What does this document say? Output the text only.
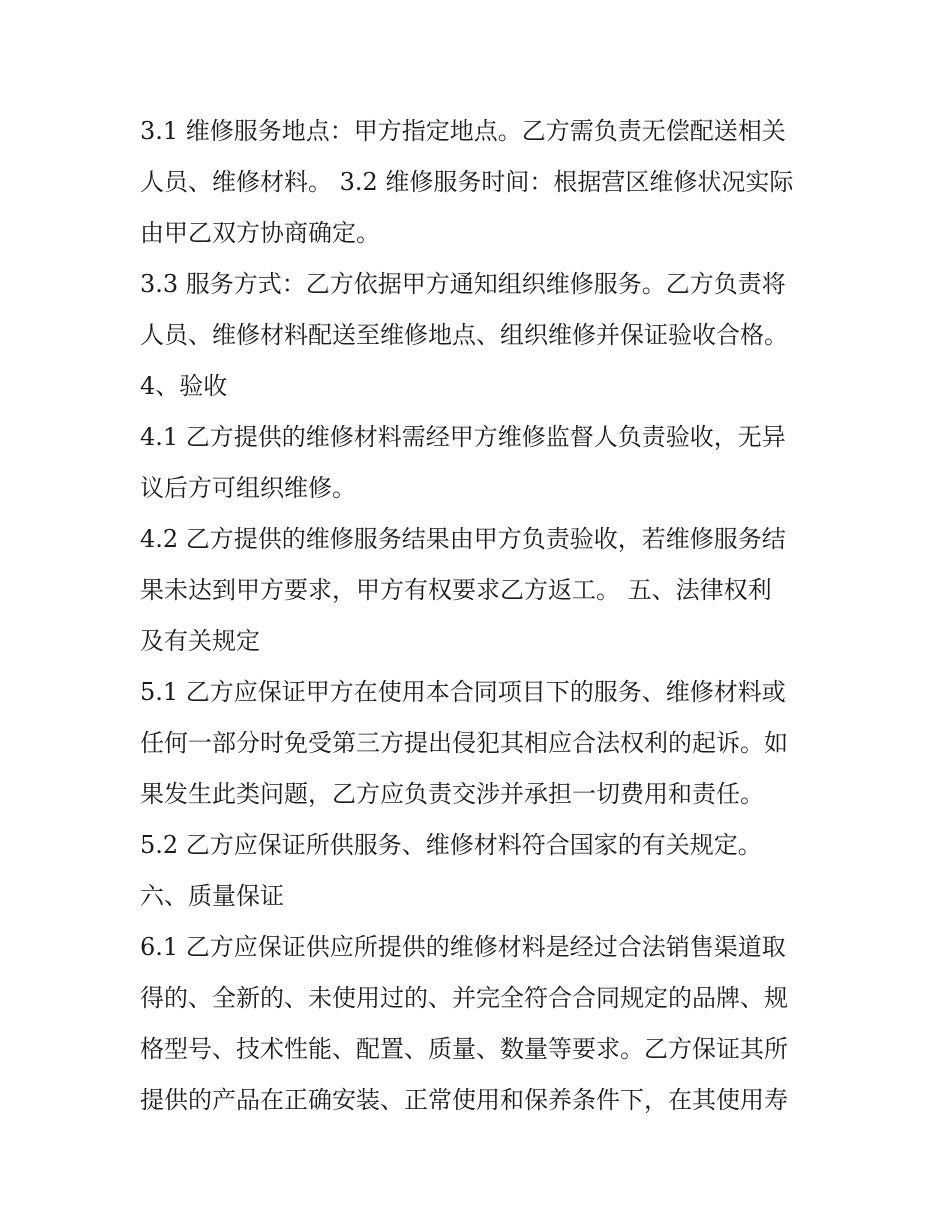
3.1 维修服务地点：甲方指定地点。乙方需负责无偿配送相关
人员、维修材料。 3.2 维修服务时间：根据营区维修状况实际
由甲乙双方协商确定。
3.3 服务方式：乙方依据甲方通知组织维修服务。乙方负责将
人员、维修材料配送至维修地点、组织维修并保证验收合格。
4、验收
4.1 乙方提供的维修材料需经甲方维修监督人负责验收，无异
议后方可组织维修。
4.2 乙方提供的维修服务结果由甲方负责验收，若维修服务结
果未达到甲方要求，甲方有权要求乙方返工。 五、法律权利
及有关规定
5.1 乙方应保证甲方在使用本合同项目下的服务、维修材料或
任何一部分时免受第三方提出侵犯其相应合法权利的起诉。如
果发生此类问题，乙方应负责交涉并承担一切费用和责任。
5.2 乙方应保证所供服务、维修材料符合国家的有关规定。
六、质量保证
6.1 乙方应保证供应所提供的维修材料是经过合法销售渠道取
得的、全新的、未使用过的、并完全符合合同规定的品牌、规
格型号、技术性能、配置、质量、数量等要求。乙方保证其所
提供的产品在正确安装、正常使用和保养条件下，在其使用寿
